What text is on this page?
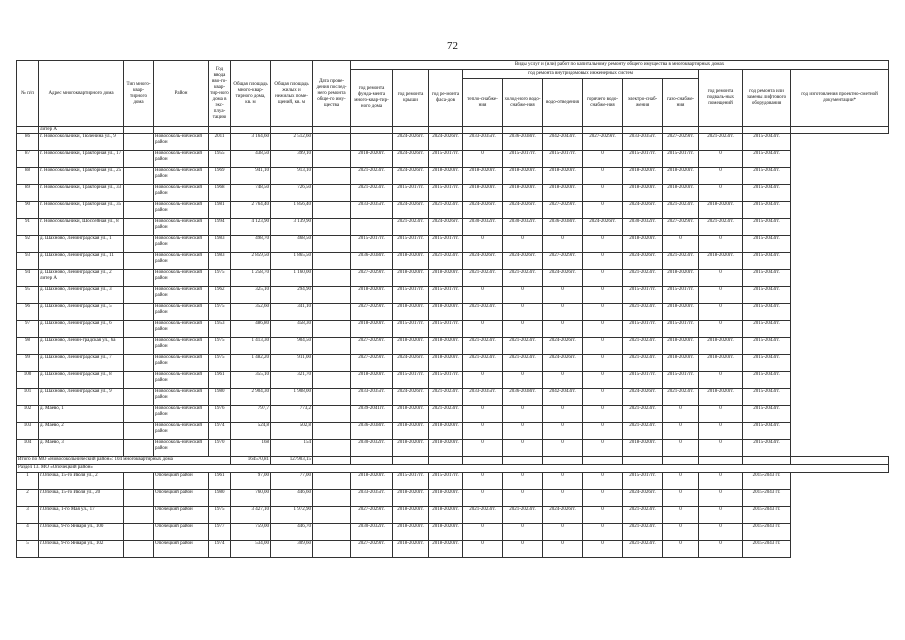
72
№ п/п	Адрес многоквартирного дома	Тип много-квар-тирного дома	Район	Год ввода вво-го-квар-тир-ного дома в экс-плуа-тацию	Общая площадь много-квар-тирного дома, кв. м	Общая площадь жилых и нежилых поме-щений, кв. м	Дата прове-дения послед-него ремонта обще-го иму-щества	Виды услуг и (или) работ по капитальному ремонту общего имущества в многоквартирных домах											
								год ремонта фунда-мента много-квар-тир-ного дома	год ремонта крыши	год ре-монта фаса-дов	год ремонта внутридомовых инженерных систем						год ремонта подваль-ных помещений	год ремонта или замены лифтового оборудования	год изготовления проектно-сметной документации*
											тепло-снабже-ния	холод-ного водо-снабже-ния	водо-отведения	горячего водо-снабже-ния	электро-снаб-жения	газо-снабже-ния			
	литер А																		
86	г. Новосокольники, Тюленина ул., 9		Новосоколь-нический район	2011	3 164,60	2 512,60			2024-2026гг.	2024-2026гг.	2033-2035гг.	2036-2038гг.	2042-2043гг.	2027-2029гг.	2033-2035гг.	2027-2029гг.	2021-2023гг.	2015-2043гг.	
87	г. Новосокольники, Тракторная ул., 17		Новосоколь-нический район	1955	438,50	399,10		2018-2020гг.	2024-2026гг.	2015-2017гг.	0	2015-2017гг.	2015-2017гг.	0	2015-2017гг.	2015-2017гг.	0	2015-2043гг.	
88	г. Новосокольники, Тракторная ул., 25		Новосоколь-нический район	1969	941,10	913,10		2021-2023гг.	2024-2026гг.	2018-2020гг.	2018-2020гг.	2018-2020гг.	2018-2020гг.	0	2018-2020гг.	2018-2020гг.	0	2015-2043гг.	
89	г. Новосокольники, Тракторная ул., 33		Новосоколь-нический район	1968	748,50	726,50		2021-2023гг.	2015-2017гг.	2015-2017гг.	2018-2020гг.	2018-2020гг.	2018-2020гг.	0	2018-2020гг.	2018-2020гг.	0	2015-2043гг.	
90	г. Новосокольники, Тракторная ул., 35		Новосоколь-нический район	1981	2 764,40	1 856,40		2033-2035гг.	2024-2026гг.	2021-2023гг.	2024-2026гг.	2024-2026гг.	2027-2029гг.	0	2024-2026гг.	2021-2023гг.	2018-2020гг.	2015-2043гг.	
91	г. Новосокольники, Шоссейная ул., 8		Новосоколь-нический район	1994	4 123,90	3 139,90			2021-2023гг.	2024-2026гг.	2030-2032гг.	2030-2032гг.	2036-2038гг.	2024-2026гг.	2030-2032гг.	2027-2029гг.	2021-2023гг.	2015-2043гг.	
92	д. Шахново, Ленинградская ул., 1		Новосоколь-нический район	1983	498,70	468,50		2015-2017гг.	2015-2017гг.	2015-2017гг.	0	0	0	0	2018-2020гг.	0	0	2015-2043гг.	
93	д. Шахново, Ленинградская ул., 11		Новосоколь-нический район	1983	2 859,50	1 865,50		2036-2038гг.	2018-2020гг.	2021-2023гг.	2024-2026гг.	2024-2026гг.	2027-2029гг.	0	2024-2026гг.	2021-2023гг.	2018-2020гг.	2015-2043гг.	
94	д. Шахново, Ленинградская ул., 2 литер А		Новосоколь-нический район	1975	1 258,70	1 160,00		2027-2029гг.	2018-2020гг.	2018-2020гг.	2021-2023гг.	2021-2023гг.	2024-2026гг.	0	2021-2023гг.	2018-2020гг.	0	2015-2043гг.	
95	д. Шахново, Ленинградская ул., 3		Новосоколь-нический район	1962	325,10	294,90		2018-2020гг.	2015-2017гг.	2015-2017гг.	0	0	0	0	2015-2017гг.	2015-2017гг.	0	2015-2043гг.	
96	д. Шахново, Ленинградская ул., 5		Новосоколь-нический район	1975	352,60	341,10		2027-2029гг.	2018-2020гг.	2018-2020гг.	2021-2023гг.	0	0	0	2021-2023гг.	2018-2020гг.	0	2015-2043гг.	
97	д. Шахново, Ленинградская ул., 6		Новосоколь-нический район	1953	486,80	458,30		2018-2020гг.	2015-2017гг.	2015-2017гг.	0	0	0	0	2015-2017гг.	2015-2017гг.	0	2015-2043гг.	
98	д. Шахново, Ленин-градская ул., 6а		Новосоколь-нический район	1975	1 413,30	904,50		2027-2029гг.	2018-2020гг.	2018-2020гг.	2021-2023гг.	2021-2023гг.	2024-2026гг.	0	2021-2023гг.	2018-2020гг.	2018-2020гг.	2015-2043гг.	
99	д. Шахново, Ленинградская ул., 7		Новосоколь-нический район	1975	1 482,20	911,00		2027-2029гг.	2024-2026гг.	2018-2020гг.	2021-2023гг.	2021-2023гг.	2024-2026гг.	0	2021-2023гг.	2018-2020гг.	2018-2020гг.	2015-2043гг.	
100	д. Шахново, Ленинградская ул., 8		Новосоколь-нический район	1961	355,10	321,70		2018-2020гг.	2015-2017гг.	2015-2017гг.	0	0	0	0	2015-2017гг.	2015-2017гг.	0	2015-2043гг.	
101	д. Шахново, Ленинградская ул., 9		Новосоколь-нический район	1980	2 904,30	1 908,00		2033-2035гг.	2024-2026гг.	2021-2023гг.	2033-2035гг.	2036-2038гг.	2042-2043гг.	0	2024-2026гг.	2021-2023гг.	2018-2020гг.	2015-2043гг.	
102	д. Маево, 1		Новосоколь-нический район	1976	797,7	773,2		2039-2041гг.	2018-2020гг.	2021-2023гг.	0	0	0	0	2021-2023гг.	0	0	2015-2043гг.	
103	д. Маево, 2		Новосоколь-нический район	1974	524,8	502,8		2036-2038гг.	2018-2020гг.	2018-2020гг.	0	0	0	0	2021-2023гг.	0	0	2015-2043гг.	
104	д. Маево, 3		Новосоколь-нический район	1970	168	154		2030-2032гг.	2018-2020гг.	2018-2020гг.	0	0	0	0	2018-2020гг.	0	0	2015-2043гг.	
Итого по МО «Новосокольнический район»: 104 многоквартирных дома					164570,81	127903,15													
Раздел 13. МО «Опочецкий район»																			
1	г.Опочка, 15-го Июля ул., 2		Опочецкий район	1961	97,00	77,00		2018-2020гг.	2015-2017гг.	2015-2017гг.	0	0	0	0	2015-2017гг.	0	0	2015-2043 гг.	
2	г.Опочка, 15-го Июля ул., 20		Опочецкий район	1980	760,00	446,60		2033-2035гг.	2018-2020гг.	2018-2020гг.	0	0	0	0	2024-2026гг.	0	0	2015-2043 гг.	
3	г.Опочка, 1-го Мая ул., 17		Опочецкий район	1975	3 427,10	1 972,90		2027-2029гг.	2018-2020гг.	2018-2020гг.	2021-2023гг.	2021-2023гг.	2024-2026гг.	0	2021-2023гг.	0	0	2015-2043 гг.	
4	г.Опочка, 9-го Января ул., 100		Опочецкий район	1977	759,00	446,70		2030-2032гг.	2018-2020гг.	2018-2020гг.	0	0	0	0	2021-2023гг.	0	0	2015-2043 гг.	
5	г.Опочка, 9-го Января ул., 102		Опочецкий район	1974	534,00	309,60		2027-2029гг.	2018-2020гг.	2018-2020гг.	0	0	0	0	2021-2023гг.	0	0	2015-2043 гг.	
